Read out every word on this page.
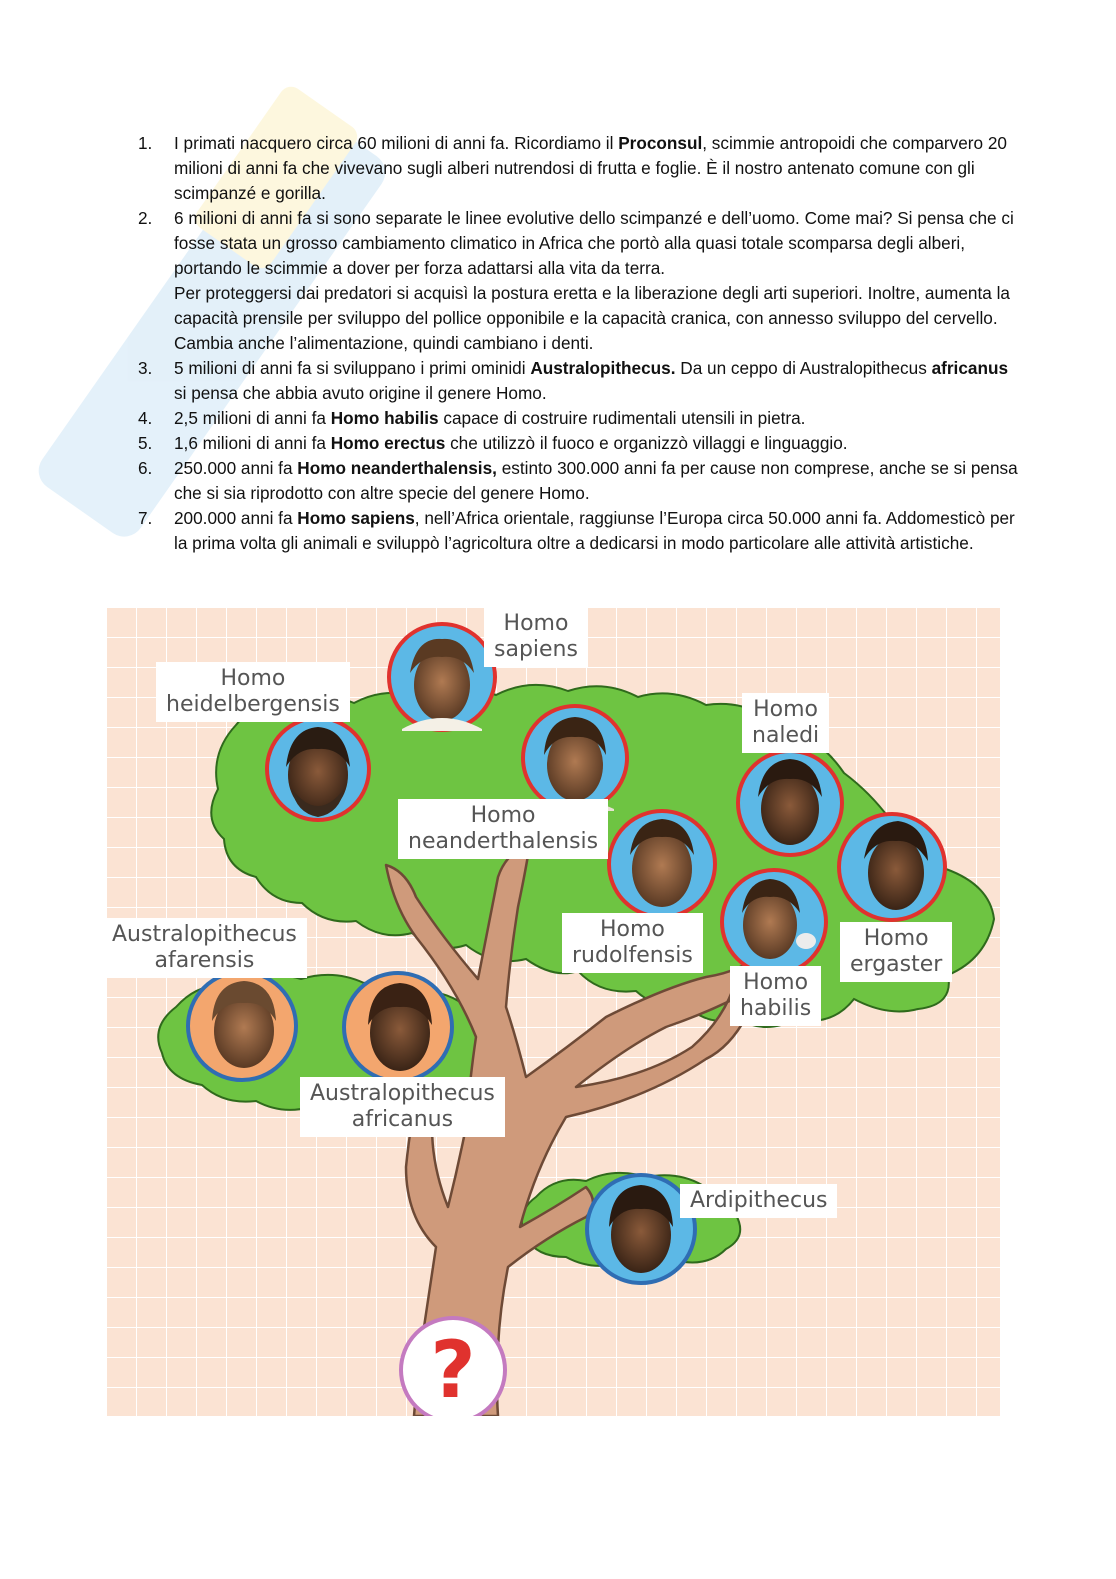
1. I primati nacquero circa 60 milioni di anni fa. Ricordiamo il Proconsul, scimmie antropoidi che comparvero 20 milioni di anni fa che vivevano sugli alberi nutrendosi di frutta e foglie. È il nostro antenato comune con gli scimpanzé e gorilla.
2. 6 milioni di anni fa si sono separate le linee evolutive dello scimpanzé e dell’uomo. Come mai? Si pensa che ci fosse stata un grosso cambiamento climatico in Africa che portò alla quasi totale scomparsa degli alberi, portando le scimmie a dover per forza adattarsi alla vita da terra.
Per proteggersi dai predatori si acquisì la postura eretta e la liberazione degli arti superiori. Inoltre, aumenta la capacità prensile per sviluppo del pollice opponibile e la capacità cranica, con annesso sviluppo del cervello. Cambia anche l’alimentazione, quindi cambiano i denti.
3. 5 milioni di anni fa si sviluppano i primi ominidi Australopithecus. Da un ceppo di Australopithecus africanus si pensa che abbia avuto origine il genere Homo.
4. 2,5 milioni di anni fa Homo habilis capace di costruire rudimentali utensili in pietra.
5. 1,6 milioni di anni fa Homo erectus che utilizzò il fuoco e organizzò villaggi e linguaggio.
6. 250.000 anni fa Homo neanderthalensis, estinto 300.000 anni fa per cause non comprese, anche se si pensa che si sia riprodotto con altre specie del genere Homo.
7. 200.000 anni fa Homo sapiens, nell’Africa orientale, raggiunse l’Europa circa 50.000 anni fa. Addomesticò per la prima volta gli animali e sviluppò l’agricoltura oltre a dedicarsi in modo particolare alle attività artistiche.
?
Homo
sapiens
Homo
heidelbergensis	Homo
naledi
Homo
neanderthalensis
Australopithecus
afarensis
Homo
rudolfensis
Homo
ergaster
Homo
habilis
Australopithecus
africanus
Ardipithecus
